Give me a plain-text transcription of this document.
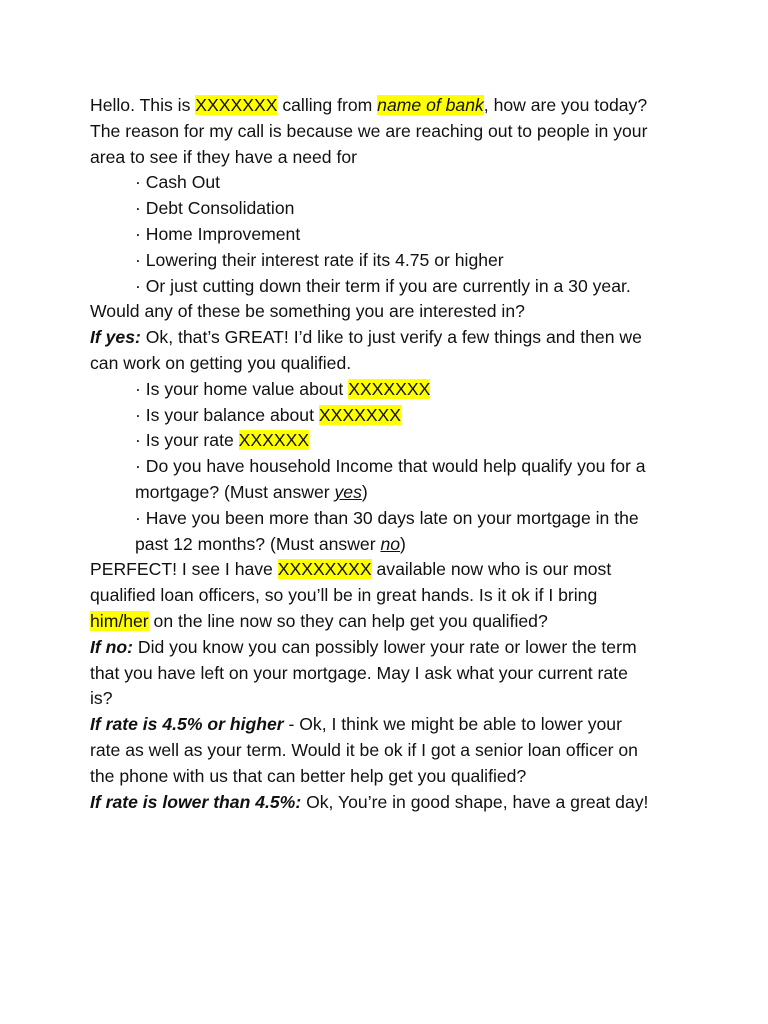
Hello. This is XXXXXXX calling from name of bank, how are you today?
The reason for my call is because we are reaching out to people in your
area to see if they have a need for
· Cash Out
· Debt Consolidation
· Home Improvement
· Lowering their interest rate if its 4.75 or higher
· Or just cutting down their term if you are currently in a 30 year.
Would any of these be something you are interested in?
If yes: Ok, that’s GREAT! I’d like to just verify a few things and then we
can work on getting you qualified.
· Is your home value about XXXXXXX
· Is your balance about XXXXXXX
· Is your rate XXXXXX
· Do you have household Income that would help qualify you for a
mortgage? (Must answer yes)
· Have you been more than 30 days late on your mortgage in the
past 12 months? (Must answer no)
PERFECT! I see I have XXXXXXXX available now who is our most
qualified loan officers, so you’ll be in great hands. Is it ok if I bring
him/her on the line now so they can help get you qualified?
If no: Did you know you can possibly lower your rate or lower the term
that you have left on your mortgage. May I ask what your current rate
is?
If rate is 4.5% or higher - Ok, I think we might be able to lower your
rate as well as your term. Would it be ok if I got a senior loan officer on
the phone with us that can better help get you qualified?
If rate is lower than 4.5%: Ok, You’re in good shape, have a great day!
